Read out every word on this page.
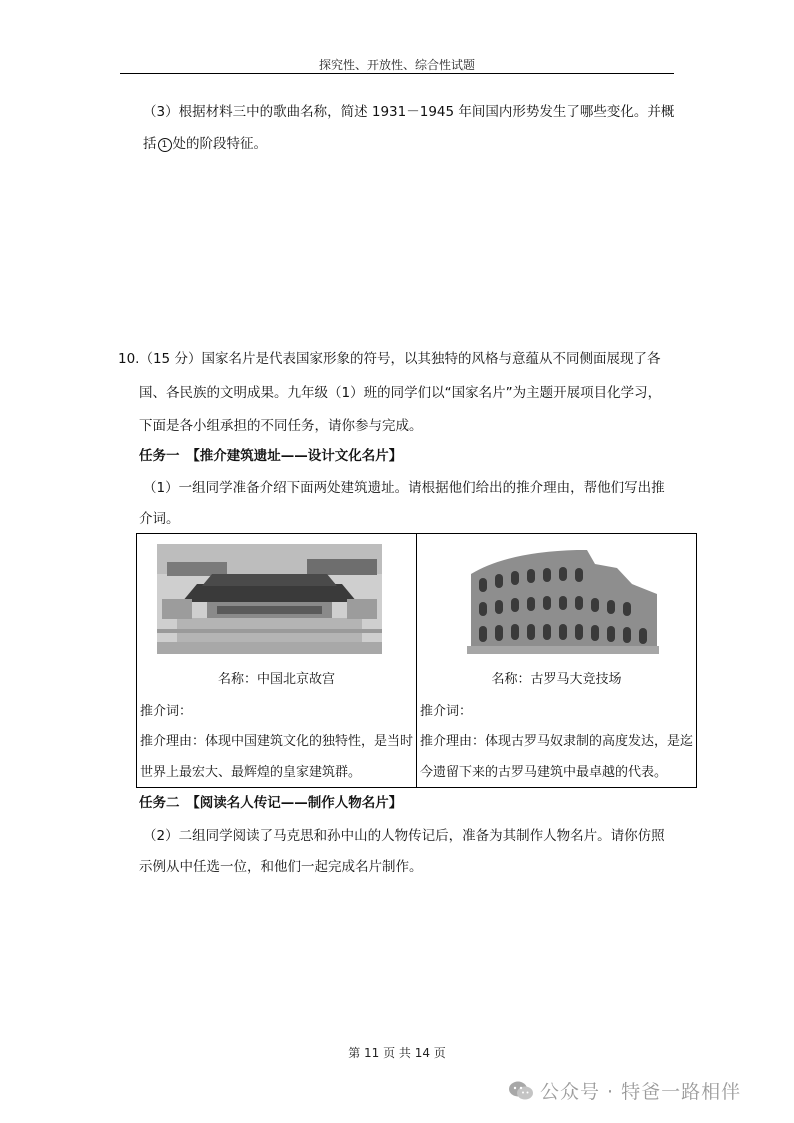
探究性、开放性、综合性试题
（3）根据材料三中的歌曲名称，简述 1931－1945 年间国内形势发生了哪些变化。并概
括 1 处的阶段特征。
10.（15 分）国家名片是代表国家形象的符号，以其独特的风格与意蕴从不同侧面展现了各
国、各民族的文明成果。九年级（1）班的同学们以“国家名片”为主题开展项目化学习，
下面是各小组承担的不同任务，请你参与完成。
任务一　【推介建筑遗址——设计文化名片】
（1）一组同学准备介绍下面两处建筑遗址。请根据他们给出的推介理由，帮他们写出推
介词。
名称：中国北京故宫
推介词：
推介理由：体现中国建筑文化的独特性，是当时世界上最宏大、最辉煌的皇家建筑群。

名称：古罗马大竞技场
推介词：
推介理由：体现古罗马奴隶制的高度发达，是迄今遗留下来的古罗马建筑中最卓越的代表。
任务二　【阅读名人传记——制作人物名片】
（2）二组同学阅读了马克思和孙中山的人物传记后，准备为其制作人物名片。请你仿照
示例从中任选一位，和他们一起完成名片制作。
第 11 页 共 14 页
公众号 · 特爸一路相伴
